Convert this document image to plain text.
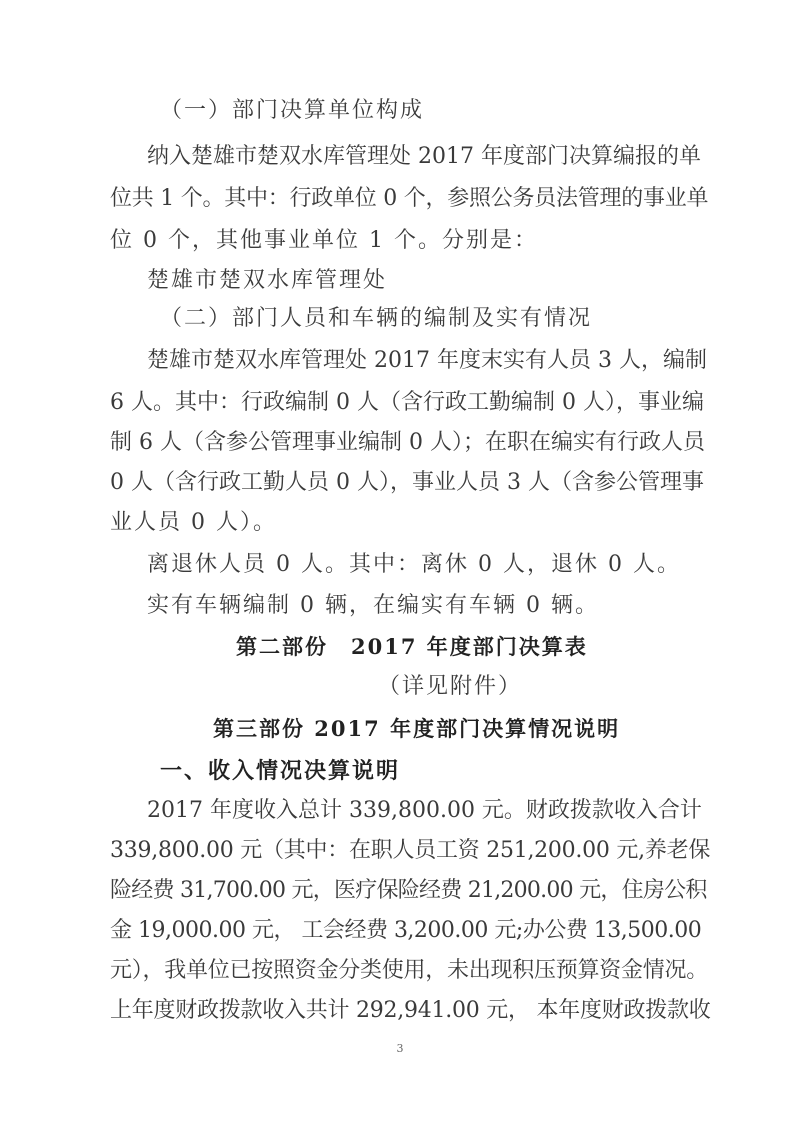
（一）部门决算单位构成
纳入楚雄市楚双水库管理处 2017 年度部门决算编报的单
位共 1 个。其中：行政单位 0 个，参照公务员法管理的事业单
位 0 个，其他事业单位 1 个。分别是：
楚雄市楚双水库管理处
（二）部门人员和车辆的编制及实有情况
楚雄市楚双水库管理处 2017 年度末实有人员 3 人，编制
6 人。其中：行政编制 0 人（含行政工勤编制 0 人），事业编
制 6 人（含参公管理事业编制 0 人）；在职在编实有行政人员
0 人（含行政工勤人员 0 人），事业人员 3 人（含参公管理事
业人员 0 人）。
离退休人员 0 人。其中：离休 0 人，退休 0 人。
实有车辆编制 0 辆，在编实有车辆 0 辆。
第二部份　2017 年度部门决算表
（详见附件）
第三部份 2017 年度部门决算情况说明
一、收入情况决算说明
2017 年度收入总计 339,800.00 元。财政拨款收入合计
339,800.00 元（其中：在职人员工资 251,200.00 元,养老保
险经费 31,700.00 元，医疗保险经费 21,200.00 元，住房公积
金 19,000.00 元， 工会经费 3,200.00 元;办公费 13,500.00
元），我单位已按照资金分类使用，未出现积压预算资金情况。
上年度财政拨款收入共计 292,941.00 元， 本年度财政拨款收
3
